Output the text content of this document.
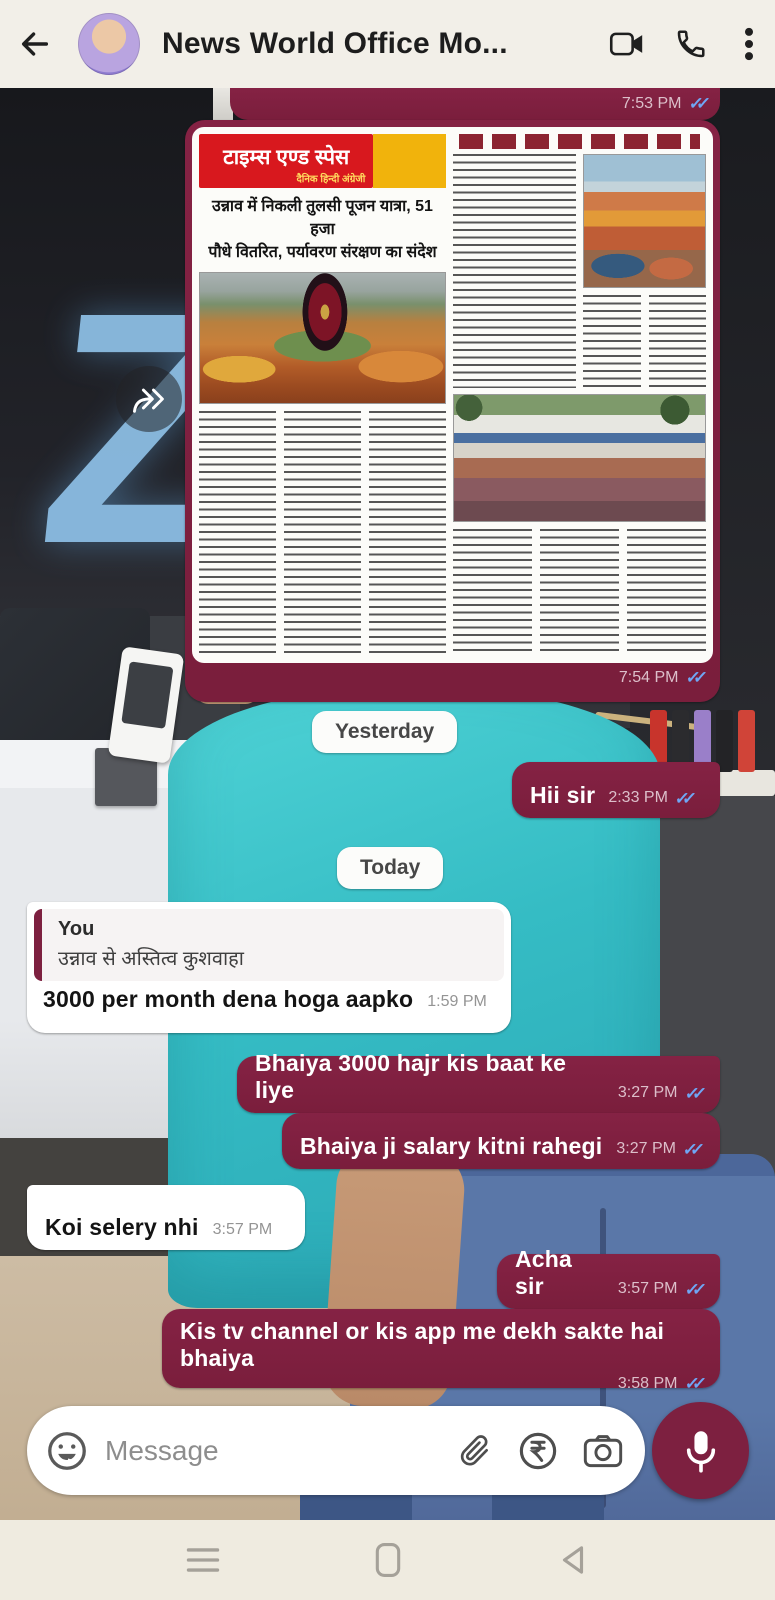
News World Office Mo...
7:53 PM ✓✓
टाइम्स एण्ड स्पेस
दैनिक हिन्दी अंग्रेजी
उन्नाव में निकली तुलसी पूजन यात्रा, 51 हजा
पौधे वितरित, पर्यावरण संरक्षण का संदेश
7:54 PM ✓✓
Yesterday
Hii sir 2:33 PM ✓✓
Today
You
उन्नाव से अस्तित्व कुशवाहा
3000 per month dena hoga aapko 1:59 PM
Bhaiya 3000 hajr kis baat ke liye	3:27 PM ✓✓
Bhaiya ji salary kitni rahegi 3:27 PM ✓✓
Koi selery nhi 3:57 PM
Acha sir	3:57 PM ✓✓
Kis tv channel or kis app me dekh sakte hai bhaiya
3:58 PM ✓✓
Message
